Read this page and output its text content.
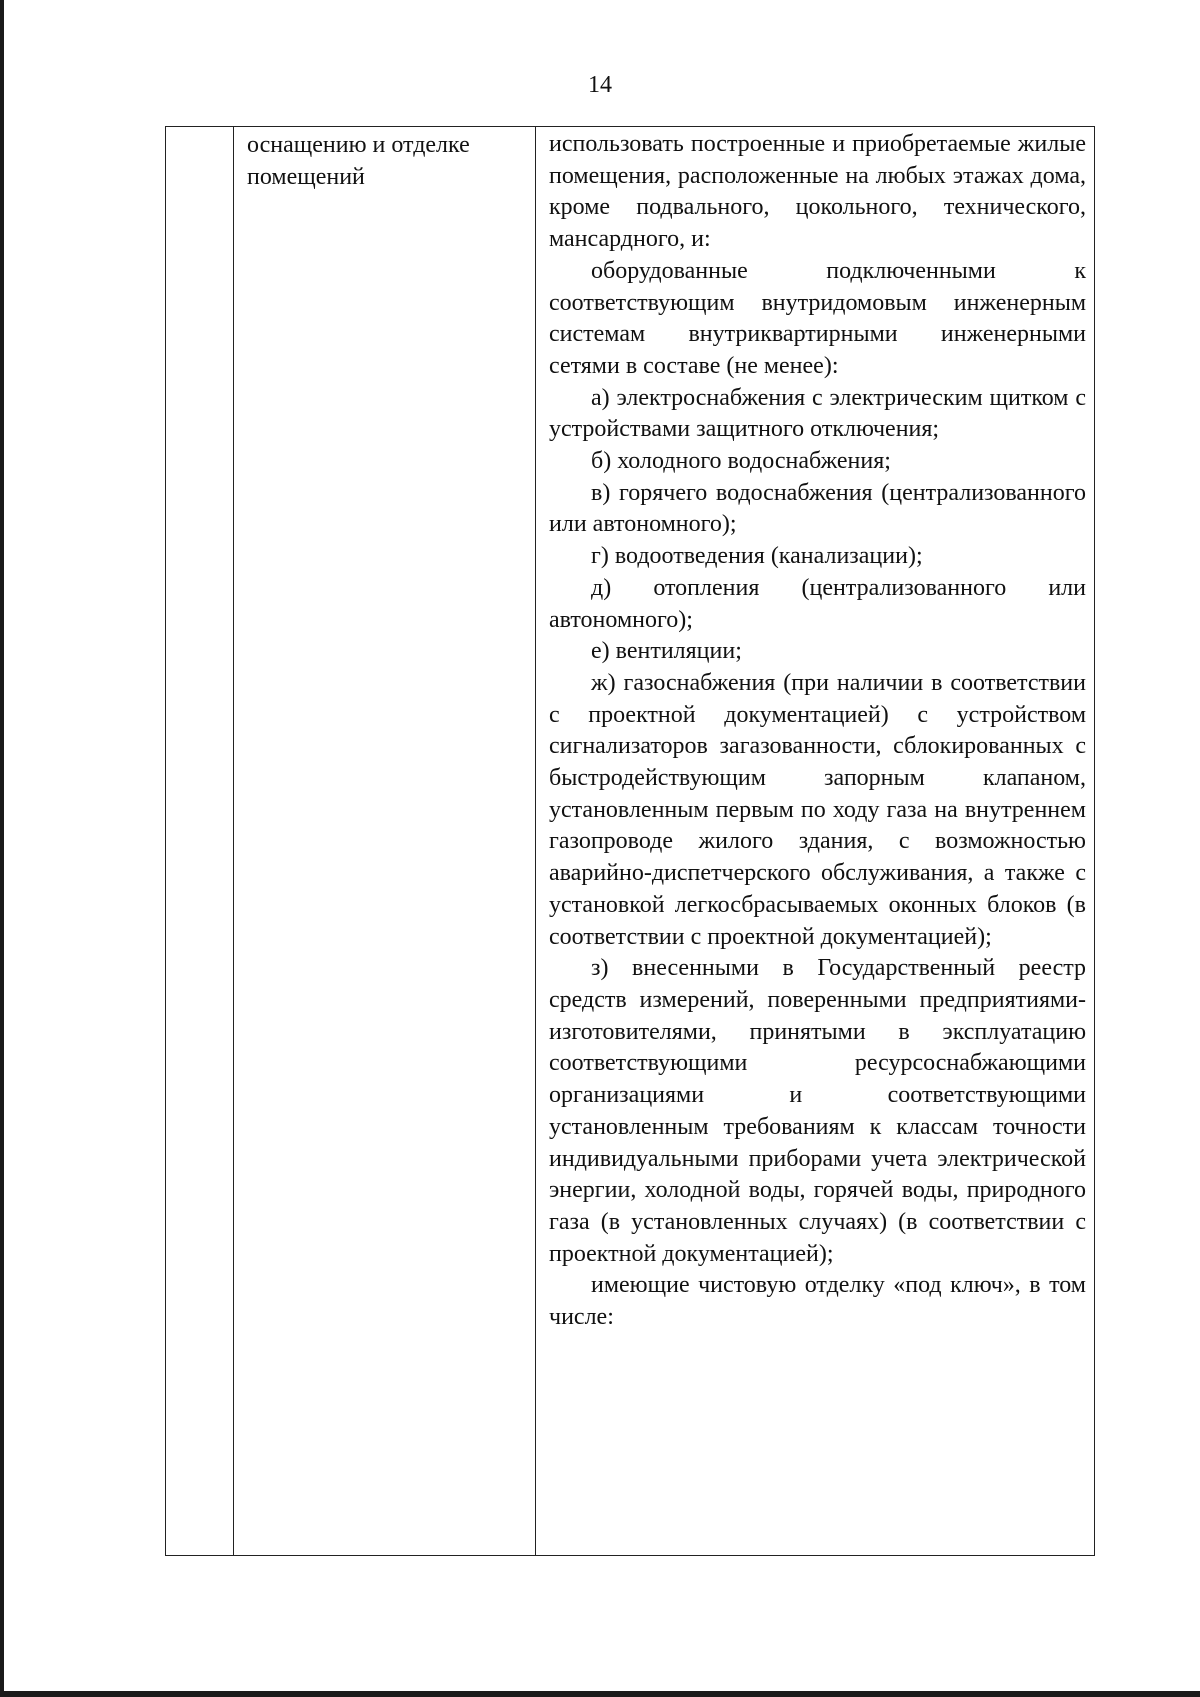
14
оснащению и отделке
помещений

использовать построенные и приобретаемые жилые помещения, расположенные на любых этажах дома, кроме подвального, цокольного, технического, мансардного, и:

оборудованные подключенными к соответствующим внутридомовым инженерным системам внутриквартирными инженерными сетями в составе (не менее):

а) электроснабжения с электрическим щитком с устройствами защитного отключения;

б) холодного водоснабжения;

в) горячего водоснабжения (централизованного или автономного);

г) водоотведения (канализации);

д) отопления (централизованного или автономного);

е) вентиляции;

ж) газоснабжения (при наличии в соответствии с проектной документацией) с устройством сигнализаторов загазованности, сблокированных с быстродействующим запорным клапаном, установленным первым по ходу газа на внутреннем газопроводе жилого здания, с возможностью аварийно-диспетчерского обслуживания, а также с установкой легкосбрасываемых оконных блоков (в соответствии с проектной документацией);

з) внесенными в Государственный реестр средств измерений, поверенными предприятиями-изготовителями, принятыми в эксплуатацию соответствующими ресурсоснабжающими организациями и соответствующими установленным требованиям к классам точности индивидуальными приборами учета электрической энергии, холодной воды, горячей воды, природного газа (в установленных случаях) (в соответствии с проектной документацией);

имеющие чистовую отделку «под ключ», в том числе:
